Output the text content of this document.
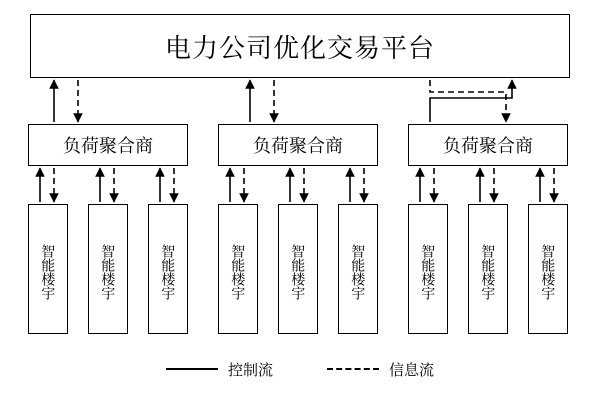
电力公司优化交易平台
负荷聚合商	负荷聚合商	负荷聚合商
智能楼宇	智能楼宇	智能楼宇	智能楼宇	智能楼宇	智能楼宇	智能楼宇	智能楼宇	智能楼宇
控制流	信息流
